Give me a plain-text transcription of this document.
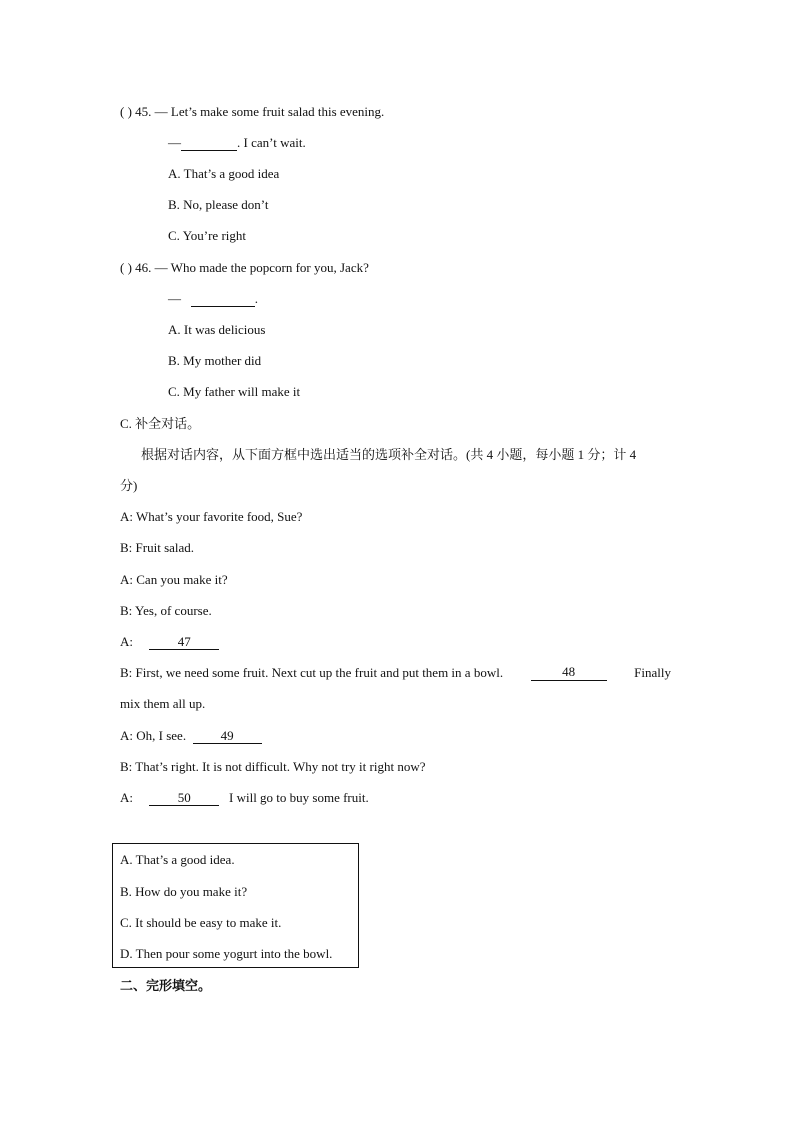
( ) 45. — Let’s make some fruit salad this evening.
—	. I can’t wait.
A. That’s a good idea
B. No, please don’t
C. You’re right
( ) 46. — Who made the popcorn for you, Jack?
—	.
A. It was delicious
B. My mother did
C. My father will make it
C. 补全对话。
根据对话内容，从下面方框中选出适当的选项补全对话。(共 4 小题，每小题 1 分；计 4
分)
A: What’s your favorite food, Sue?
B: Fruit salad.
A: Can you make it?
B: Yes, of course.
A:	47
B: First, we need some fruit. Next cut up the fruit and put them in a bowl.	48	Finally
mix them all up.
A: Oh, I see.	49
B: That’s right. It is not difficult. Why not try it right now?
A:	50	I will go to buy some fruit.
A. That’s a good idea.
B. How do you make it?
C. It should be easy to make it.
D. Then pour some yogurt into the bowl.
二、完形填空。
